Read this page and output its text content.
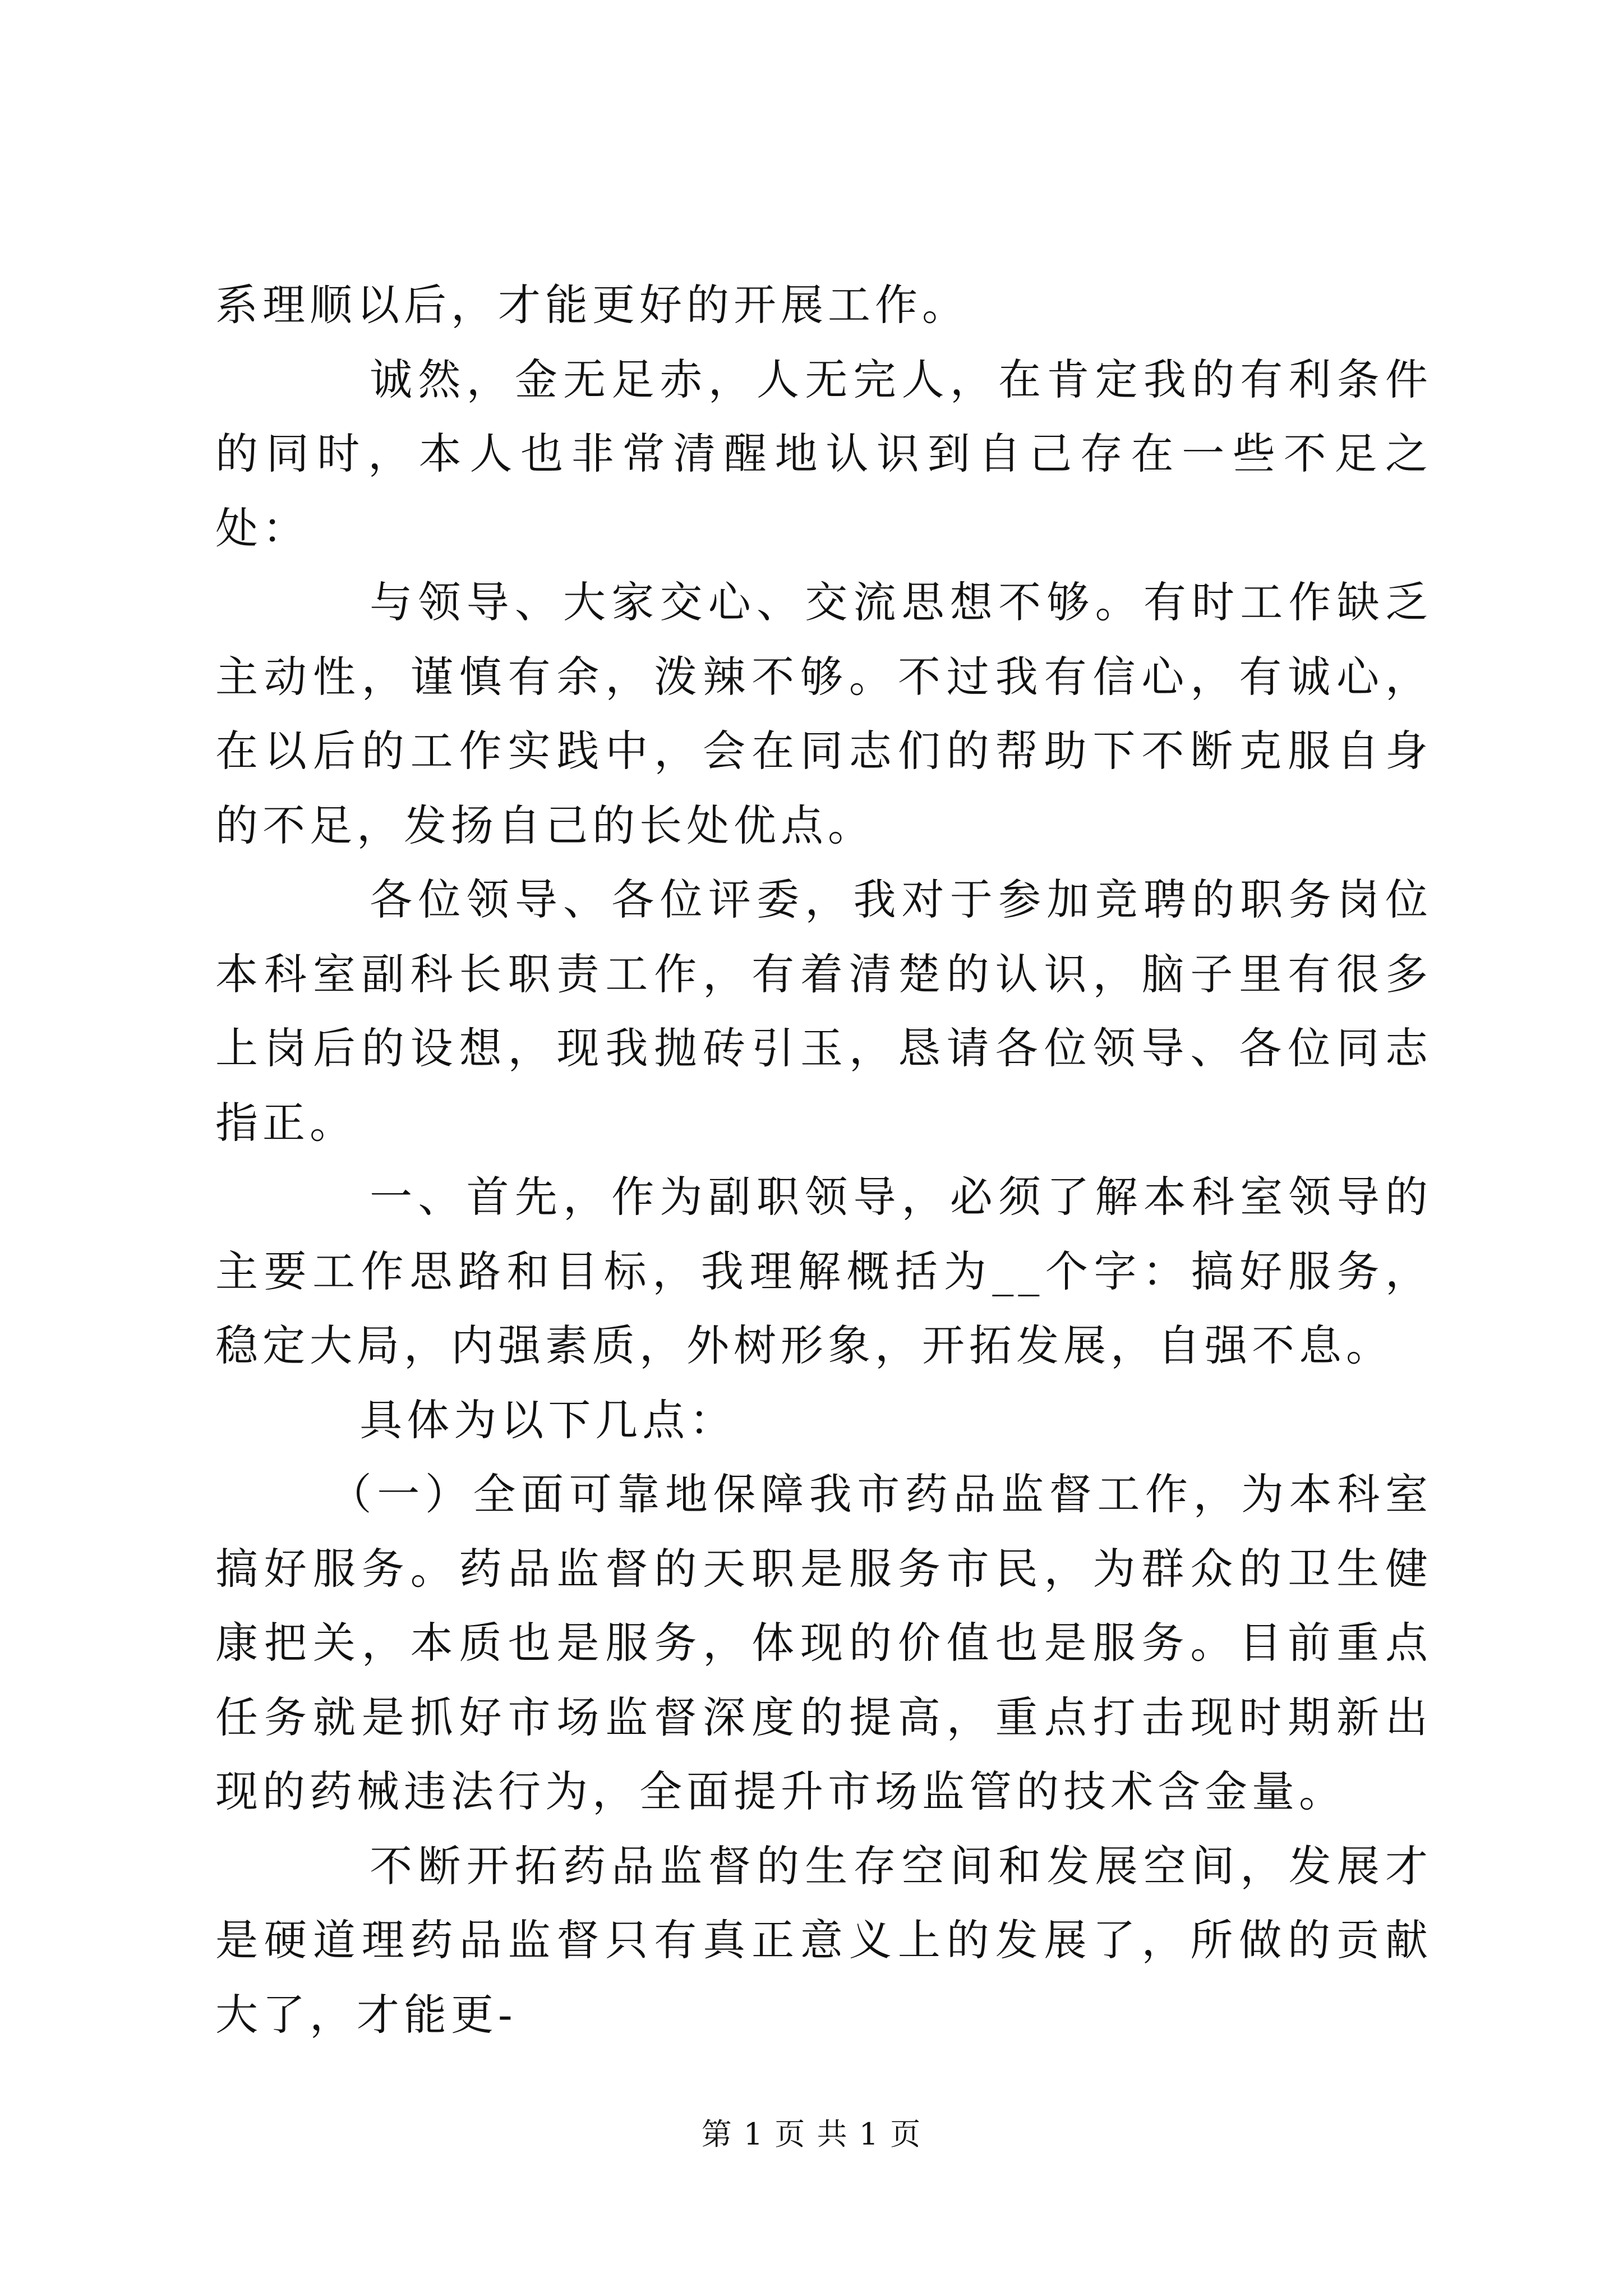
系理顺以后，才能更好的开展工作。

诚然，金无足赤，人无完人，在肯定我的有利条件的同时，本人也非常清醒地认识到自己存在一些不足之处：

与领导、大家交心、交流思想不够。有时工作缺乏主动性，谨慎有余，泼辣不够。不过我有信心，有诚心，在以后的工作实践中，会在同志们的帮助下不断克服自身的不足，发扬自己的长处优点。

各位领导、各位评委，我对于参加竞聘的职务岗位本科室副科长职责工作，有着清楚的认识，脑子里有很多上岗后的设想，现我抛砖引玉，恳请各位领导、各位同志指正。

一、首先，作为副职领导，必须了解本科室领导的主要工作思路和目标，我理解概括为__个字：搞好服务，稳定大局，内强素质，外树形象，开拓发展，自强不息。

具体为以下几点：

（一）全面可靠地保障我市药品监督工作，为本科室搞好服务。药品监督的天职是服务市民，为群众的卫生健康把关，本质也是服务，体现的价值也是服务。目前重点任务就是抓好市场监督深度的提高，重点打击现时期新出现的药械违法行为，全面提升市场监管的技术含金量。

不断开拓药品监督的生存空间和发展空间，发展才是硬道理药品监督只有真正意义上的发展了，所做的贡献大了，才能更-

第 1 页 共 1 页
